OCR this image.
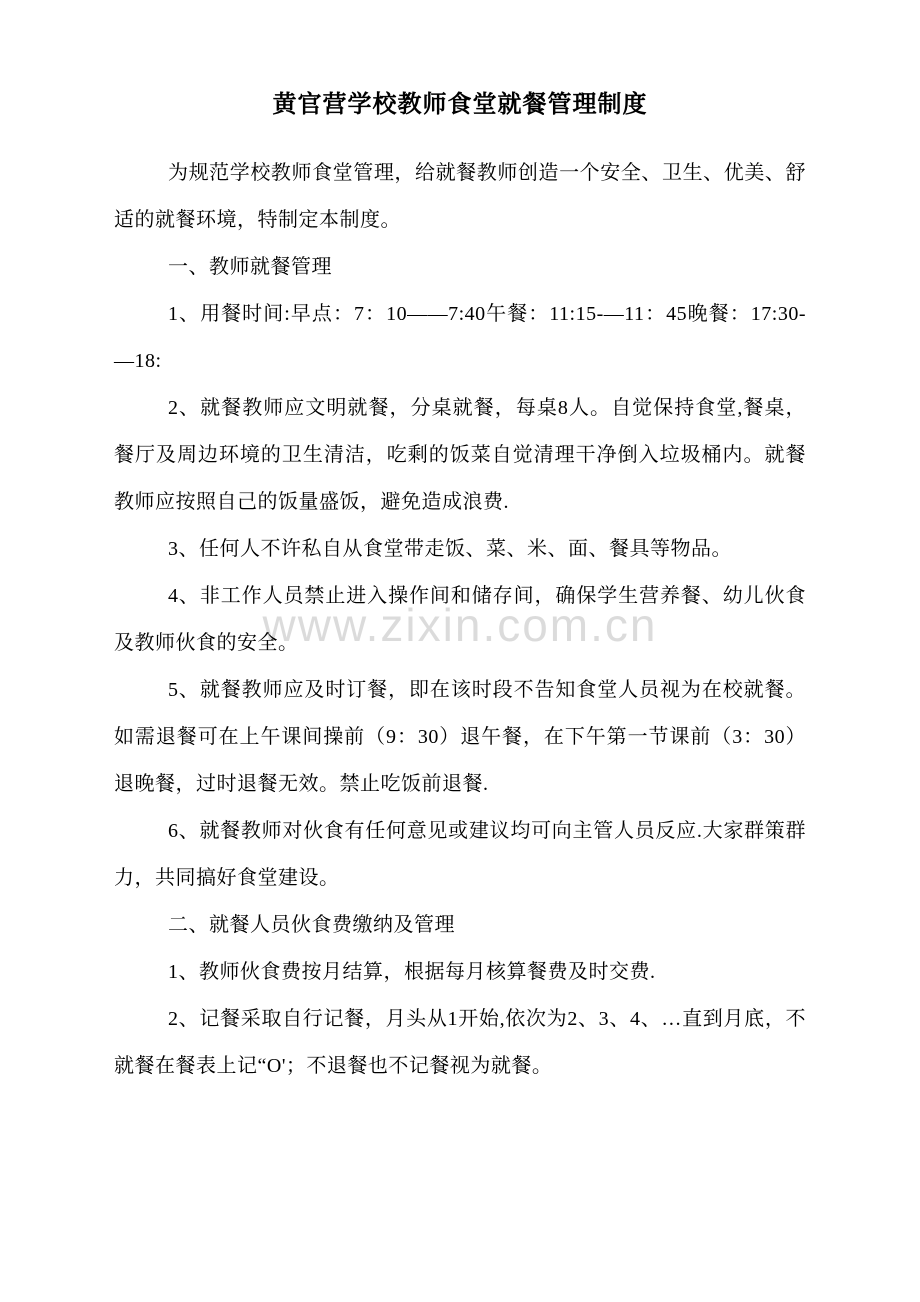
黄官营学校教师食堂就餐管理制度

为规范学校教师食堂管理，给就餐教师创造一个安全、卫生、优美、舒适的就餐环境，特制定本制度。

一、教师就餐管理

1、用餐时间:早点：7：10——7:40午餐：11:15-—11：45晚餐：17:30-—18:

2、就餐教师应文明就餐，分桌就餐，每桌8人。自觉保持食堂,餐桌，餐厅及周边环境的卫生清洁，吃剩的饭菜自觉清理干净倒入垃圾桶内。就餐教师应按照自己的饭量盛饭，避免造成浪费.

3、任何人不许私自从食堂带走饭、菜、米、面、餐具等物品。

4、非工作人员禁止进入操作间和储存间，确保学生营养餐、幼儿伙食及教师伙食的安全。

5、就餐教师应及时订餐，即在该时段不告知食堂人员视为在校就餐。如需退餐可在上午课间操前（9：30）退午餐，在下午第一节课前（3：30）退晚餐，过时退餐无效。禁止吃饭前退餐.

6、就餐教师对伙食有任何意见或建议均可向主管人员反应.大家群策群力，共同搞好食堂建设。

二、就餐人员伙食费缴纳及管理

1、教师伙食费按月结算，根据每月核算餐费及时交费.

2、记餐采取自行记餐，月头从1开始,依次为2、3、4、…直到月底，不就餐在餐表上记“O'；不退餐也不记餐视为就餐。

www.zixin.com.cn
